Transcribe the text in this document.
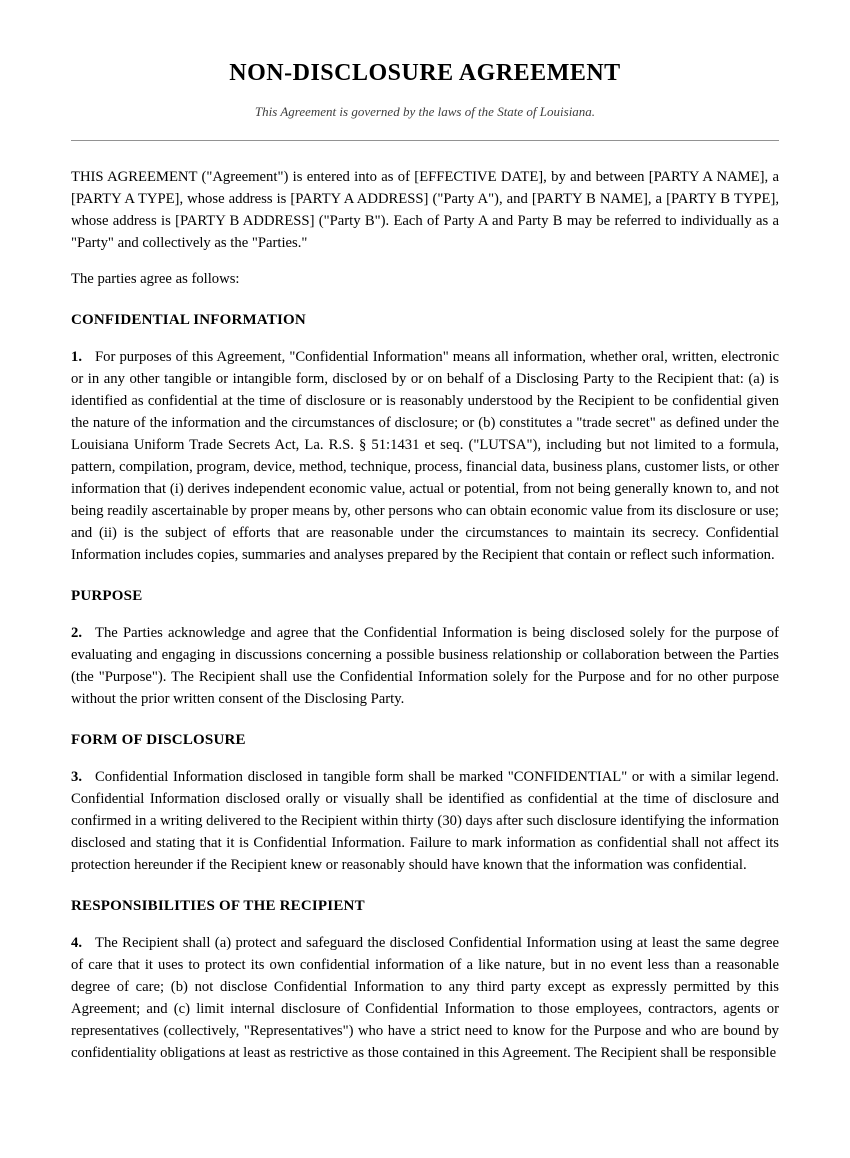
NON-DISCLOSURE AGREEMENT

This Agreement is governed by the laws of the State of Louisiana.

THIS AGREEMENT ("Agreement") is entered into as of [EFFECTIVE DATE], by and between [PARTY A NAME], a [PARTY A TYPE], whose address is [PARTY A ADDRESS] ("Party A"), and [PARTY B NAME], a [PARTY B TYPE], whose address is [PARTY B ADDRESS] ("Party B"). Each of Party A and Party B may be referred to individually as a "Party" and collectively as the "Parties."

The parties agree as follows:

CONFIDENTIAL INFORMATION

1. For purposes of this Agreement, "Confidential Information" means all information, whether oral, written, electronic or in any other tangible or intangible form, disclosed by or on behalf of a Disclosing Party to the Recipient that: (a) is identified as confidential at the time of disclosure or is reasonably understood by the Recipient to be confidential given the nature of the information and the circumstances of disclosure; or (b) constitutes a "trade secret" as defined under the Louisiana Uniform Trade Secrets Act, La. R.S. § 51:1431 et seq. ("LUTSA"), including but not limited to a formula, pattern, compilation, program, device, method, technique, process, financial data, business plans, customer lists, or other information that (i) derives independent economic value, actual or potential, from not being generally known to, and not being readily ascertainable by proper means by, other persons who can obtain economic value from its disclosure or use; and (ii) is the subject of efforts that are reasonable under the circumstances to maintain its secrecy. Confidential Information includes copies, summaries and analyses prepared by the Recipient that contain or reflect such information.

PURPOSE

2. The Parties acknowledge and agree that the Confidential Information is being disclosed solely for the purpose of evaluating and engaging in discussions concerning a possible business relationship or collaboration between the Parties (the "Purpose"). The Recipient shall use the Confidential Information solely for the Purpose and for no other purpose without the prior written consent of the Disclosing Party.

FORM OF DISCLOSURE

3. Confidential Information disclosed in tangible form shall be marked "CONFIDENTIAL" or with a similar legend. Confidential Information disclosed orally or visually shall be identified as confidential at the time of disclosure and confirmed in a writing delivered to the Recipient within thirty (30) days after such disclosure identifying the information disclosed and stating that it is Confidential Information. Failure to mark information as confidential shall not affect its protection hereunder if the Recipient knew or reasonably should have known that the information was confidential.

RESPONSIBILITIES OF THE RECIPIENT

4. The Recipient shall (a) protect and safeguard the disclosed Confidential Information using at least the same degree of care that it uses to protect its own confidential information of a like nature, but in no event less than a reasonable degree of care; (b) not disclose Confidential Information to any third party except as expressly permitted by this Agreement; and (c) limit internal disclosure of Confidential Information to those employees, contractors, agents or representatives (collectively, "Representatives") who have a strict need to know for the Purpose and who are bound by confidentiality obligations at least as restrictive as those contained in this Agreement. The Recipient shall be responsible
